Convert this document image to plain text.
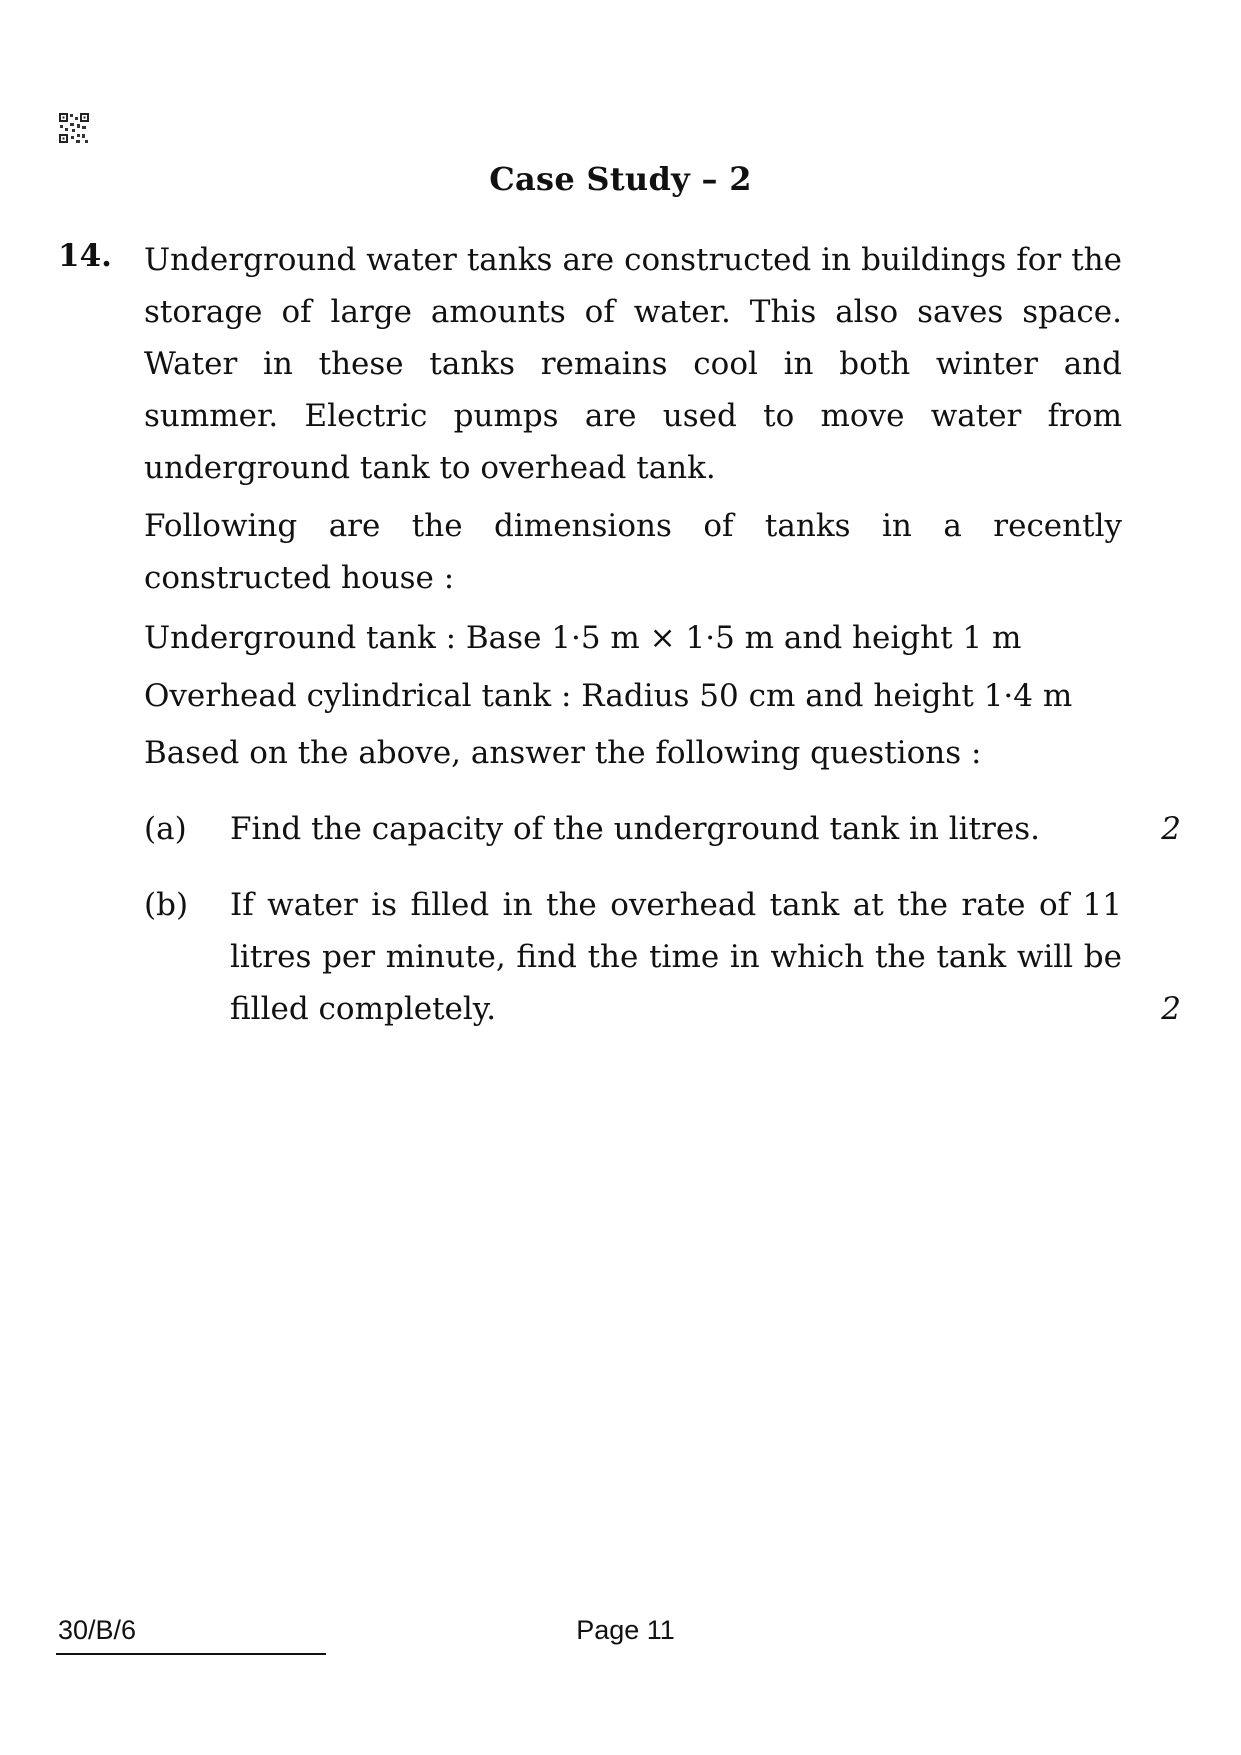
Case Study – 2
14. Underground water tanks are constructed in buildings for the storage of large amounts of water. This also saves space. Water in these tanks remains cool in both winter and summer. Electric pumps are used to move water from underground tank to overhead tank.
Following are the dimensions of tanks in a recently constructed house :
Underground tank : Base 1·5 m × 1·5 m and height 1 m
Overhead cylindrical tank : Radius 50 cm and height 1·4 m
Based on the above, answer the following questions :
(a) Find the capacity of the underground tank in litres.	2
(b) If water is filled in the overhead tank at the rate of 11 litres per minute, find the time in which the tank will be filled completely.	2
30/B/6	Page 11
